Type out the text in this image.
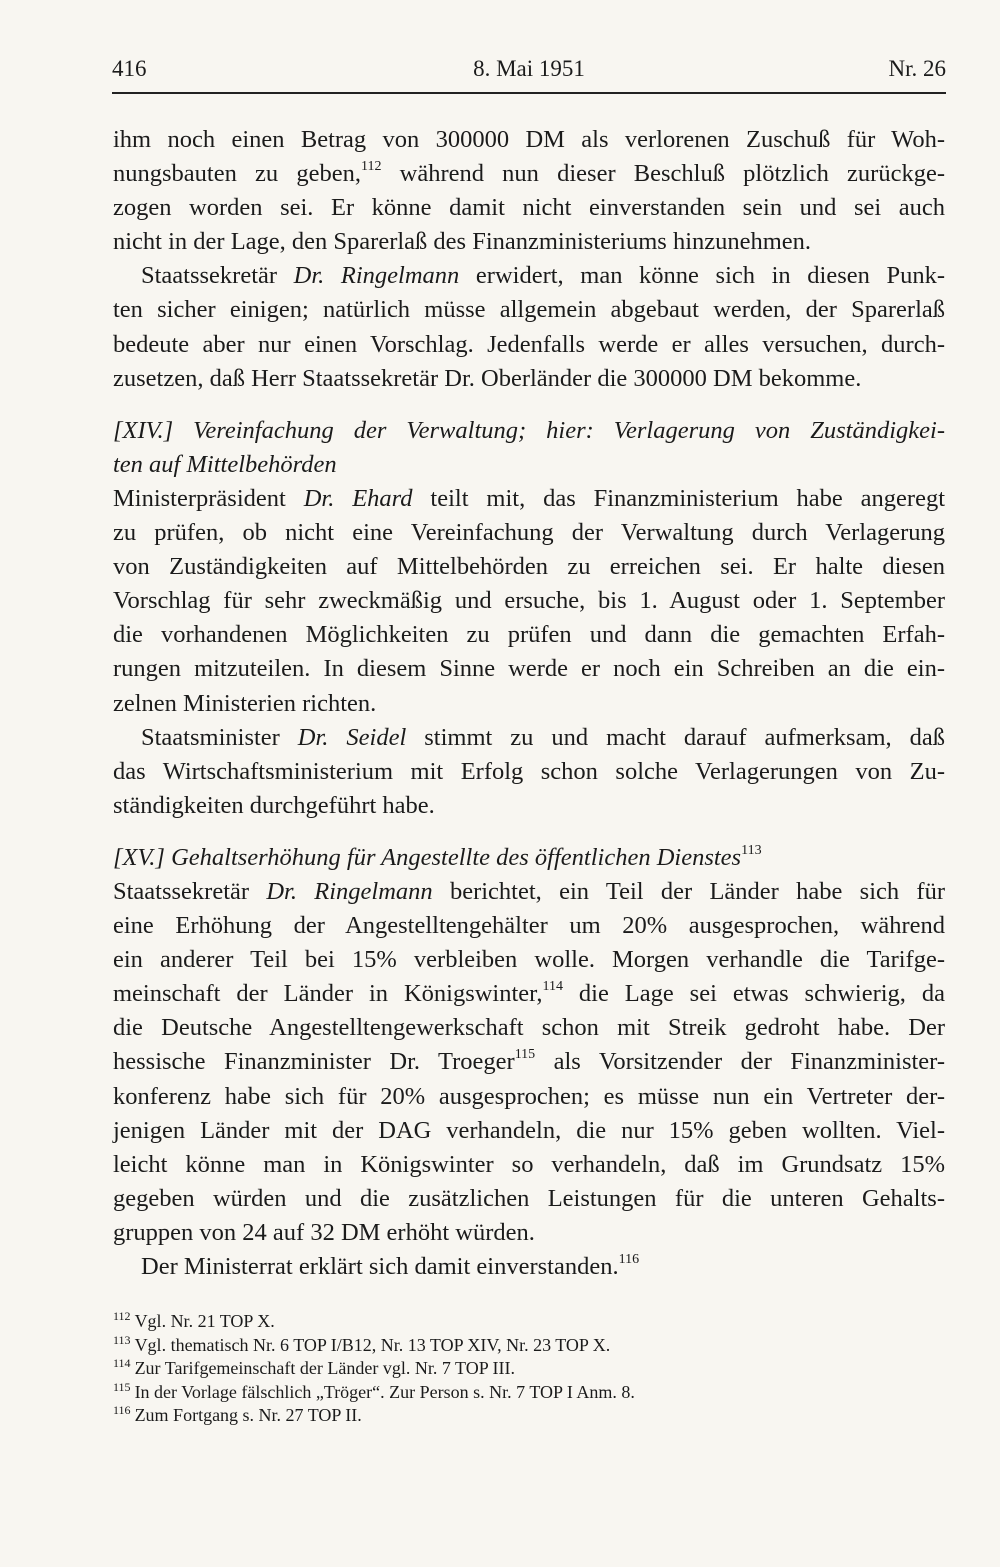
416	8. Mai 1951	Nr. 26
ihm noch einen Betrag von 300000 DM als verlorenen Zuschuß für Woh-
nungsbauten zu geben,$^{112}$ während nun dieser Beschluß plötzlich zurückge-
zogen worden sei. Er könne damit nicht einverstanden sein und sei auch
nicht in der Lage, den Sparerlaß des Finanzministeriums hinzunehmen.
Staatssekretär Dr. Ringelmann erwidert, man könne sich in diesen Punk-
ten sicher einigen; natürlich müsse allgemein abgebaut werden, der Sparerlaß
bedeute aber nur einen Vorschlag. Jedenfalls werde er alles versuchen, durch-
zusetzen, daß Herr Staatssekretär Dr. Oberländer die 300000 DM bekomme.
[XIV.] Vereinfachung der Verwaltung; hier: Verlagerung von Zuständigkei-
ten auf Mittelbehörden
Ministerpräsident Dr. Ehard teilt mit, das Finanzministerium habe angeregt
zu prüfen, ob nicht eine Vereinfachung der Verwaltung durch Verlagerung
von Zuständigkeiten auf Mittelbehörden zu erreichen sei. Er halte diesen
Vorschlag für sehr zweckmäßig und ersuche, bis 1. August oder 1. September
die vorhandenen Möglichkeiten zu prüfen und dann die gemachten Erfah-
rungen mitzuteilen. In diesem Sinne werde er noch ein Schreiben an die ein-
zelnen Ministerien richten.
Staatsminister Dr. Seidel stimmt zu und macht darauf aufmerksam, daß
das Wirtschaftsministerium mit Erfolg schon solche Verlagerungen von Zu-
ständigkeiten durchgeführt habe.
[XV.] Gehaltserhöhung für Angestellte des öffentlichen Dienstes$^{113}$
Staatssekretär Dr. Ringelmann berichtet, ein Teil der Länder habe sich für
eine Erhöhung der Angestelltengehälter um 20% ausgesprochen, während
ein anderer Teil bei 15% verbleiben wolle. Morgen verhandle die Tarifge-
meinschaft der Länder in Königswinter,$^{114}$ die Lage sei etwas schwierig, da
die Deutsche Angestelltengewerkschaft schon mit Streik gedroht habe. Der
hessische Finanzminister Dr. Troeger$^{115}$ als Vorsitzender der Finanzminister-
konferenz habe sich für 20% ausgesprochen; es müsse nun ein Vertreter der-
jenigen Länder mit der DAG verhandeln, die nur 15% geben wollten. Viel-
leicht könne man in Königswinter so verhandeln, daß im Grundsatz 15%
gegeben würden und die zusätzlichen Leistungen für die unteren Gehalts-
gruppen von 24 auf 32 DM erhöht würden.
Der Ministerrat erklärt sich damit einverstanden.$^{116}$
$^{112}$ Vgl. Nr. 21 TOP X.
$^{113}$ Vgl. thematisch Nr. 6 TOP I/B12, Nr. 13 TOP XIV, Nr. 23 TOP X.
$^{114}$ Zur Tarifgemeinschaft der Länder vgl. Nr. 7 TOP III.
$^{115}$ In der Vorlage fälschlich „Tröger“. Zur Person s. Nr. 7 TOP I Anm. 8.
$^{116}$ Zum Fortgang s. Nr. 27 TOP II.
